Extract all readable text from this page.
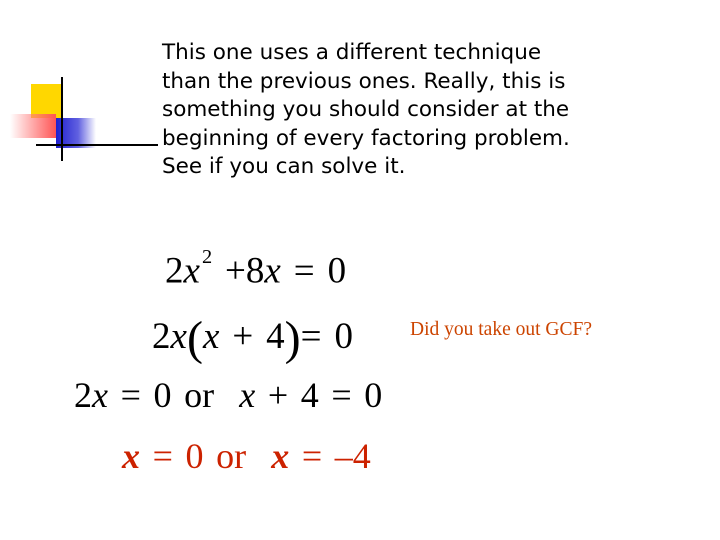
This one uses a different technique
than the previous ones. Really, this is
something you should consider at the
beginning of every factoring problem.
See if you can solve it.
$2x^2 +8x = 0$
2x(x + 4)= 0	Did you take out GCF?
2x = 0 or x + 4 = 0
x = 0 or x = –4
